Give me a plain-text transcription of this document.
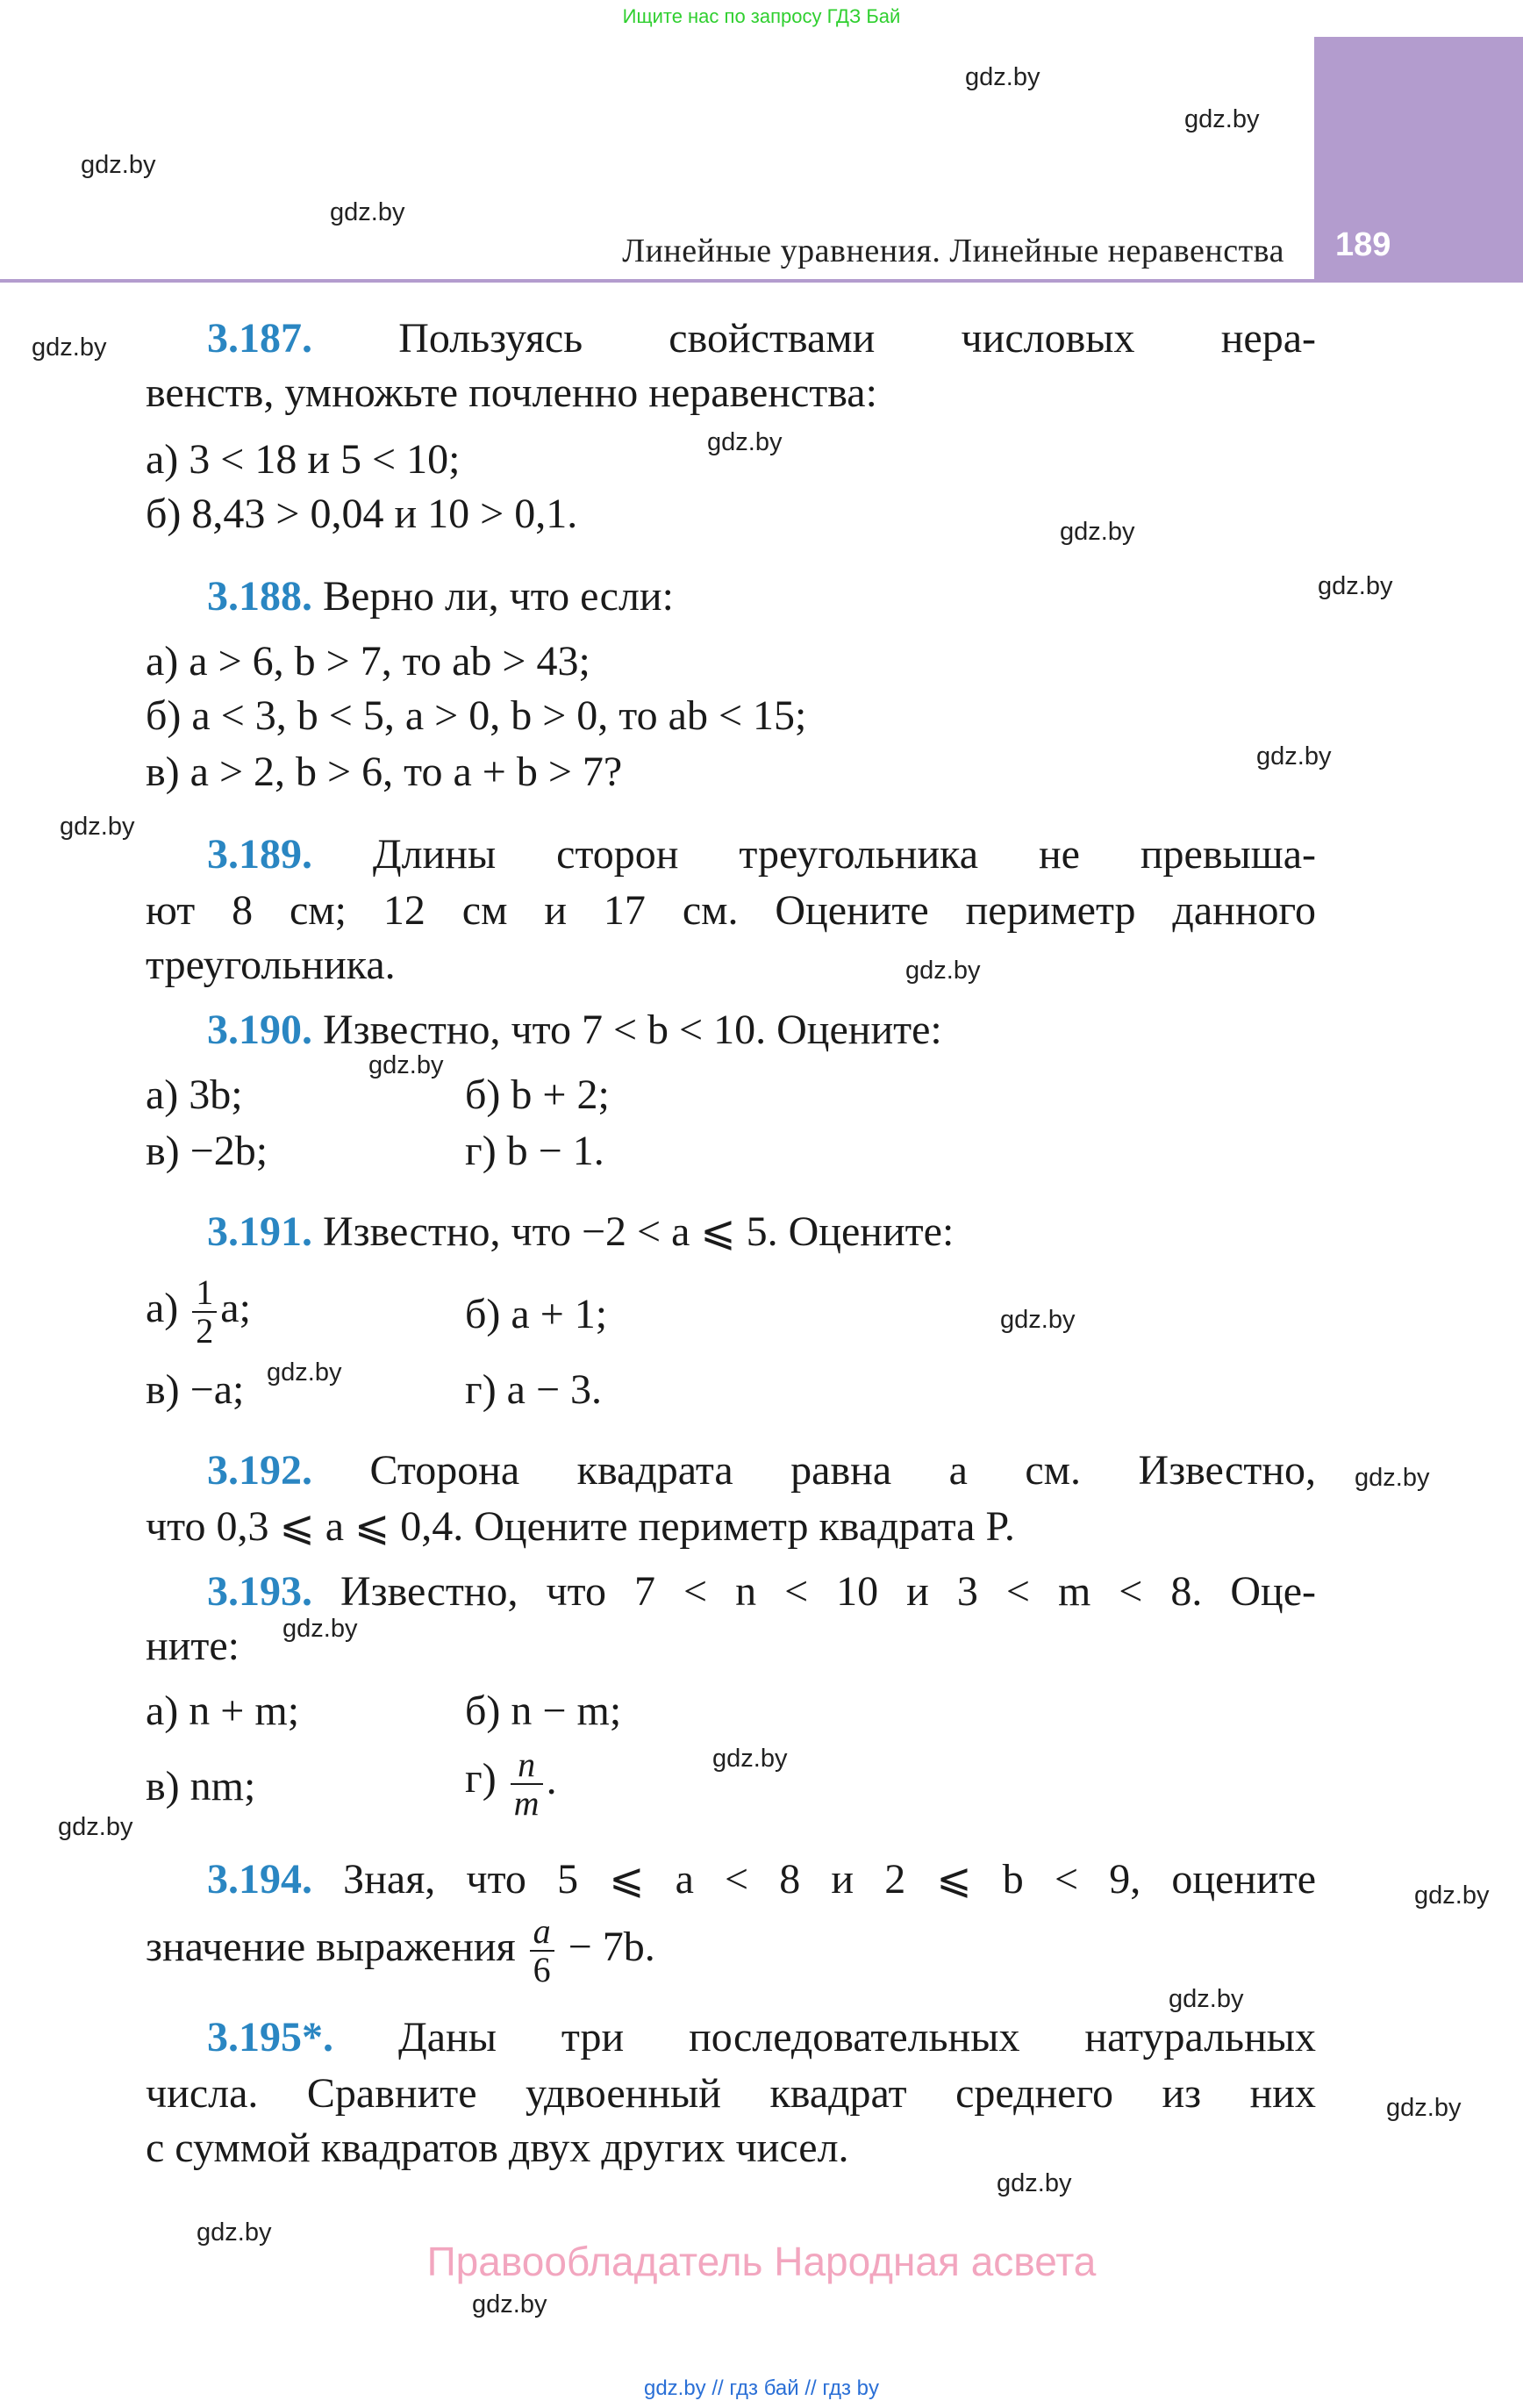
Ищите нас по запросу ГДЗ Бай
gdz.by
gdz.by
gdz.by
gdz.by
gdz.by
gdz.by
gdz.by
gdz.by
gdz.by
gdz.by
gdz.by
gdz.by
gdz.by
gdz.by
gdz.by
gdz.by
gdz.by
gdz.by
gdz.by
gdz.by
gdz.by
gdz.by
gdz.by
gdz.by
189
Линейные уравнения. Линейные неравенства
3.187. Пользуясь свойствами числовых нера-
венств, умножьте почленно неравенства:
а) 3 < 18 и 5 < 10;
б) 8,43 > 0,04 и 10 > 0,1.
3.188. Верно ли, что если:
а) a > 6, b > 7, то ab > 43;
б) a < 3, b < 5, a > 0, b > 0, то ab < 15;
в) a > 2, b > 6, то a + b > 7?
3.189. Длины сторон треугольника не превыша-
ют 8 см; 12 см и 17 см. Оцените периметр данного
треугольника.
3.190. Известно, что 7 < b < 10. Оцените:
а) 3b;	б) b + 2;
в) −2b;	г) b − 1.
3.191. Известно, что −2 < a ⩽ 5. Оцените:
$а) \frac{1}{2} a$;	б) a + 1;
в) −a;	г) a − 3.
3.192. Сторона квадрата равна a см. Известно,
что 0,3 ⩽ a ⩽ 0,4. Оцените периметр квадрата P.
3.193. Известно, что 7 < n < 10 и 3 < m < 8. Оце-
ните:
а) n + m;	б) n − m;
в) nm;	$г) \frac{n}{m}$ .
3.194. Зная, что 5 ⩽ a < 8 и 2 ⩽ b < 9, оцените
значение выражения $\frac{a}{6} - 7b$.
3.195*. Даны три последовательных натуральных
числа. Сравните удвоенный квадрат среднего из них
с суммой квадратов двух других чисел.
Правообладатель Народная асвета
gdz.by // гдз бай // гдз by
